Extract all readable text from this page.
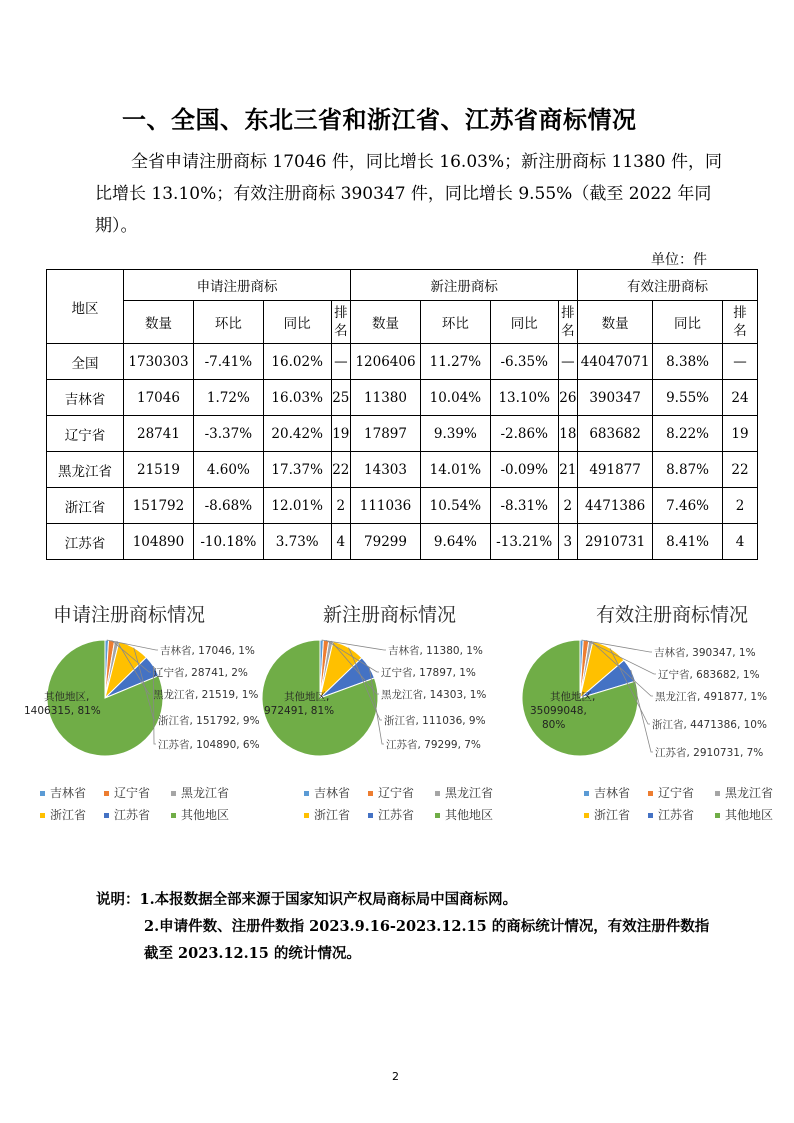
一、全国、东北三省和浙江省、江苏省商标情况
全省申请注册商标 17046 件，同比增长 16.03%；新注册商标 11380 件，同比增长 13.10%；有效注册商标 390347 件，同比增长 9.55%（截至 2022 年同期）。
单位：件
地区	申请注册商标				新注册商标				有效注册商标		
	数量	环比	同比	排名	数量	环比	同比	排名	数量	同比	排名
全国	1730303	-7.41%	16.02%	—	1206406	11.27%	-6.35%	—	44047071	8.38%	—
吉林省	17046	1.72%	16.03%	25	11380	10.04%	13.10%	26	390347	9.55%	24
辽宁省	28741	-3.37%	20.42%	19	17897	9.39%	-2.86%	18	683682	8.22%	19
黑龙江省	21519	4.60%	17.37%	22	14303	14.01%	-0.09%	21	491877	8.87%	22
浙江省	151792	-8.68%	12.01%	2	111036	10.54%	-8.31%	2	4471386	7.46%	2
江苏省	104890	-10.18%	3.73%	4	79299	9.64%	-13.21%	3	2910731	8.41%	4
申请注册商标情况
吉林省, 17046, 1%
辽宁省, 28741, 2%
黑龙江省, 21519, 1%
浙江省, 151792, 9%
江苏省, 104890, 6%
其他地区, 1406315, 81%
吉林省	辽宁省	黑龙江省
浙江省	江苏省	其他地区
新注册商标情况
吉林省, 11380, 1%
辽宁省, 17897, 1%
黑龙江省, 14303, 1%
浙江省, 111036, 9%
江苏省, 79299, 7%
其他地区, 972491, 81%
吉林省	辽宁省	黑龙江省
浙江省	江苏省	其他地区
有效注册商标情况
吉林省, 390347, 1%
辽宁省, 683682, 1%
黑龙江省, 491877, 1%
浙江省, 4471386, 10%
江苏省, 2910731, 7%
其他地区, 35099048, 80%
吉林省	辽宁省	黑龙江省
浙江省	江苏省	其他地区
说明：1.本报数据全部来源于国家知识产权局商标局中国商标网。
2.申请件数、注册件数指 2023.9.16-2023.12.15 的商标统计情况，有效注册件数指
截至 2023.12.15 的统计情况。
2
